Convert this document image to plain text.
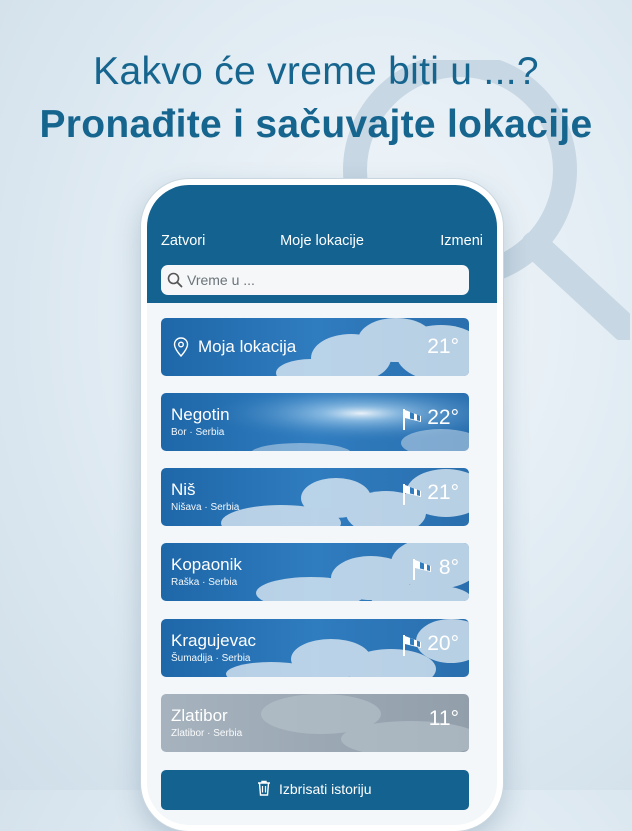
Kakvo će vreme biti u ...?
Pronađite i sačuvajte lokacije
Moje lokacije
Zatvori	Izmeni
Vreme u ...
Moja lokacija	21°
Negotin
Bor · Serbia
22°
Niš
Nišava · Serbia
21°
Kopaonik
Raška · Serbia
8°
Kragujevac
Šumadija · Serbia
20°
Zlatibor
Zlatibor · Serbia
11°
Izbrisati istoriju
